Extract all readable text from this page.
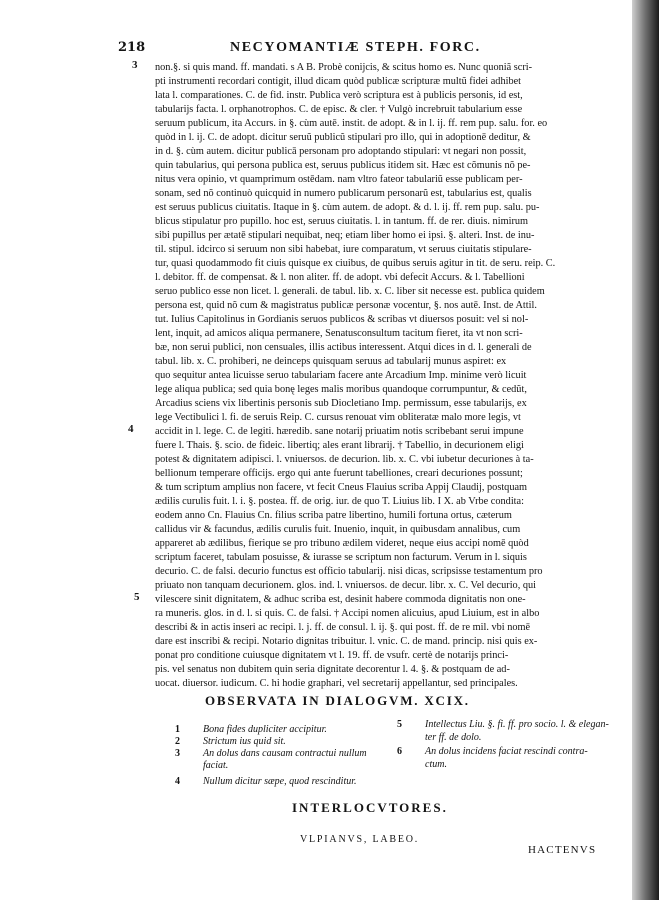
218	NECYOMANTIÆ STEPH. FORC.
non.§. si quis mand. ff. mandati. s A B. Probè conijcis, & scitus homo es. Nunc quoniã scri-
pti instrumenti recordari contigit, illud dicam quòd publicæ scripturæ multũ fidei adhibet
lata l. comparationes. C. de fid. instr. Publica verò scriptura est à publicis personis, id est,
tabularijs facta. l. orphanotrophos. C. de episc. & cler. † Vulgò increbruit tabularium esse
seruum publicum, ita Accurs. in §. cùm autē. instit. de adopt. & in l. ij. ff. rem pup. salu. for. eo
quòd in l. ij. C. de adopt. dicitur seruũ publicũ stipulari pro illo, qui in adoptionē deditur, &
in d. §. cùm autem. dicitur publicā personam pro adoptando stipulari: vt negari non possit,
quin tabularius, qui persona publica est, seruus publicus itidem sit. Hæc est cõmunis nõ pe-
nitus vera opinio, vt quamprimum ostēdam. nam vltro fateor tabulariũ esse publicam per-
sonam, sed nõ continuò quicquid in numero publicarum personarũ est, tabularius est, qualis
est seruus publicus ciuitatis. Itaque in §. cùm autem. de adopt. & d. l. ij. ff. rem pup. salu. pu-
blicus stipulatur pro pupillo. hoc est, seruus ciuitatis. l. in tantum. ff. de rer. diuis. nimirum
sibi pupillus per ætatē stipulari nequibat, neq; etiam liber homo ei ipsi. §. alteri. Inst. de inu-
til. stipul. idcirco si seruum non sibi habebat, iure comparatum, vt seruus ciuitatis stipulare-
tur, quasi quodammodo fit ciuis quisque ex ciuibus, de quibus seruis agitur in tit. de seru. reip. C.
l. debitor. ff. de compensat. & l. non aliter. ff. de adopt. vbi defecit Accurs. & l. Tabellioni
seruo publico esse non licet. l. generali. de tabul. lib. x. C. liber sit necesse est. publica quidem
persona est, quid nõ cum & magistratus publicæ personæ vocentur, §. nos autē. Inst. de Attil.
tut. Iulius Capitolinus in Gordianis seruos publicos & scribas vt diuersos posuit: vel si nol-
lent, inquit, ad amicos aliqua permanere, Senatusconsultum tacitum fieret, ita vt non scri-
bæ, non serui publici, non censuales, illis actibus interessent. Atqui dices in d. l. generali de
tabul. lib. x. C. prohiberi, ne deinceps quisquam seruus ad tabularij munus aspiret: ex
quo sequitur antea licuisse seruo tabulariam facere ante Arcadium Imp. minime verò licuit
lege aliqua publica; sed quia bonę leges malis moribus quandoque corrumpuntur, & cedũt,
Arcadius sciens vix libertinis personis sub Diocletiano Imp. permissum, esse tabularijs, ex
lege Vectibulici l. fi. de seruis Reip. C. cursus renouat vim obliteratæ malo more legis, vt
accidit in l. lege. C. de legiti. hæredib. sane notarij priuatim notis scribebant serui impune
fuere l. Thais. §. scio. de fideic. libertiq; ales erant librarij. † Tabellio, in decurionem eligi
potest & dignitatem adipisci. l. vniuersos. de decurion. lib. x. C. vbi iubetur decuriones à ta-
bellionum temperare officijs. ergo qui ante fuerunt tabelliones, creari decuriones possunt;
& tum scriptum amplius non facere, vt fecit Cneus Flauius scriba Appij Claudij, postquam
ædilis curulis fuit. l. i. §. postea. ff. de orig. iur. de quo T. Liuius lib. I X. ab Vrbe condita:
eodem anno Cn. Flauius Cn. filius scriba patre libertino, humili fortuna ortus, cæterum
callidus vir & facundus, ædilis curulis fuit. Inuenio, inquit, in quibusdam annalibus, cum
appareret ab ædilibus, fierique se pro tribuno ædilem videret, neque eius accipi nomē quòd
scriptum faceret, tabulam posuisse, & iurasse se scriptum non facturum. Verum in l. siquis
decurio. C. de falsi. decurio functus est officio tabularij. nisi dicas, scripsisse testamentum pro
priuato non tanquam decurionem. glos. ind. l. vniuersos. de decur. libr. x. C. Vel decurio, qui
vilescere sinit dignitatem, & adhuc scriba est, desinit habere commoda dignitatis non one-
ra muneris. glos. in d. l. si quis. C. de falsi. † Accipi nomen alicuius, apud Liuium, est in albo
describi & in actis inseri ac recipi. l. j. ff. de consul. l. ij. §. qui post. ff. de re mil. vbi nomē
dare est inscribi & recipi. Notario dignitas tribuitur. l. vnic. C. de mand. princip. nisi quis ex-
ponat pro conditione cuiusque dignitatem vt l. 19. ff. de vsufr. certè de notarijs princi-
pis. vel senatus non dubitem quin seria dignitate decorentur l. 4. §. & postquam de ad-
uocat. diuersor. iudicum. C. hi hodie graphari, vel secretarij appellantur, sed principales.
3
4
5
OBSERVATA IN DIALOGVM. XCIX.
1 Bona fides dupliciter accipitur.
2 Strictum ius quid sit.
3 An dolus dans causam contractui nullum
faciat.
4 Nullum dicitur sæpe, quod rescinditur.
5 Intellectus Liu. §. fi. ff. pro socio. l. & elegan-
ter ff. de dolo.
6 An dolus incidens faciat rescindi contra-
ctum.
INTERLOCVTORES.
VLPIANVS, LABEO.
HACTENVS
